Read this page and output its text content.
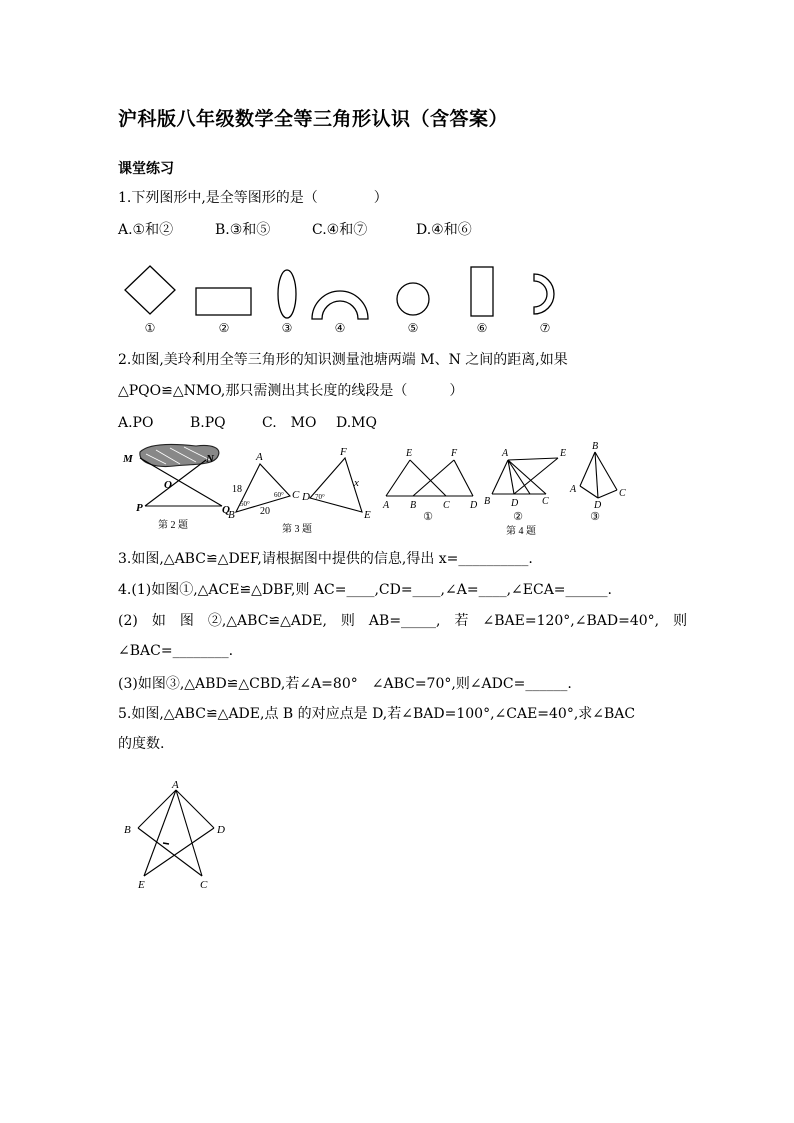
沪科版八年级数学全等三角形认识（含答案）
课堂练习
1.下列图形中,是全等图形的是（　　　　）
A.①和②	B.③和⑤	C.④和⑦	D.④和⑥
①	②	③	④	⑤	⑥	⑦
2.如图,美玲利用全等三角形的知识测量池塘两端 M、N 之间的距离,如果
△PQO≌△NMO,那只需测出其长度的线段是（　　　）
A.PO	B.PQ	C.　MO D.MQ
M	N
O
P	Q
第 2 题
A
B
C D
E
F
x
18
20
50°
60°	70°
第 3 题
E	F
A B	C D
①
A	E
B D C
②
B
A	C
D
③
第 4 题
3.如图,△ABC≌△DEF,请根据图中提供的信息,得出 x=__________.
4.(1)如图①,△ACE≌△DBF,则 AC=____,CD=____,∠A=____,∠ECA=______.
(2)　如　图　②,△ABC≌△ADE,　则　AB=_____,　若　∠BAE=120°,∠BAD=40°,　则
∠BAC=________.
(3)如图③,△ABD≌△CBD,若∠A=80°　∠ABC=70°,则∠ADC=______.
5.如图,△ABC≌△ADE,点 B 的对应点是 D,若∠BAD=100°,∠CAE=40°,求∠BAC
的度数.
A
B	D
E	C
